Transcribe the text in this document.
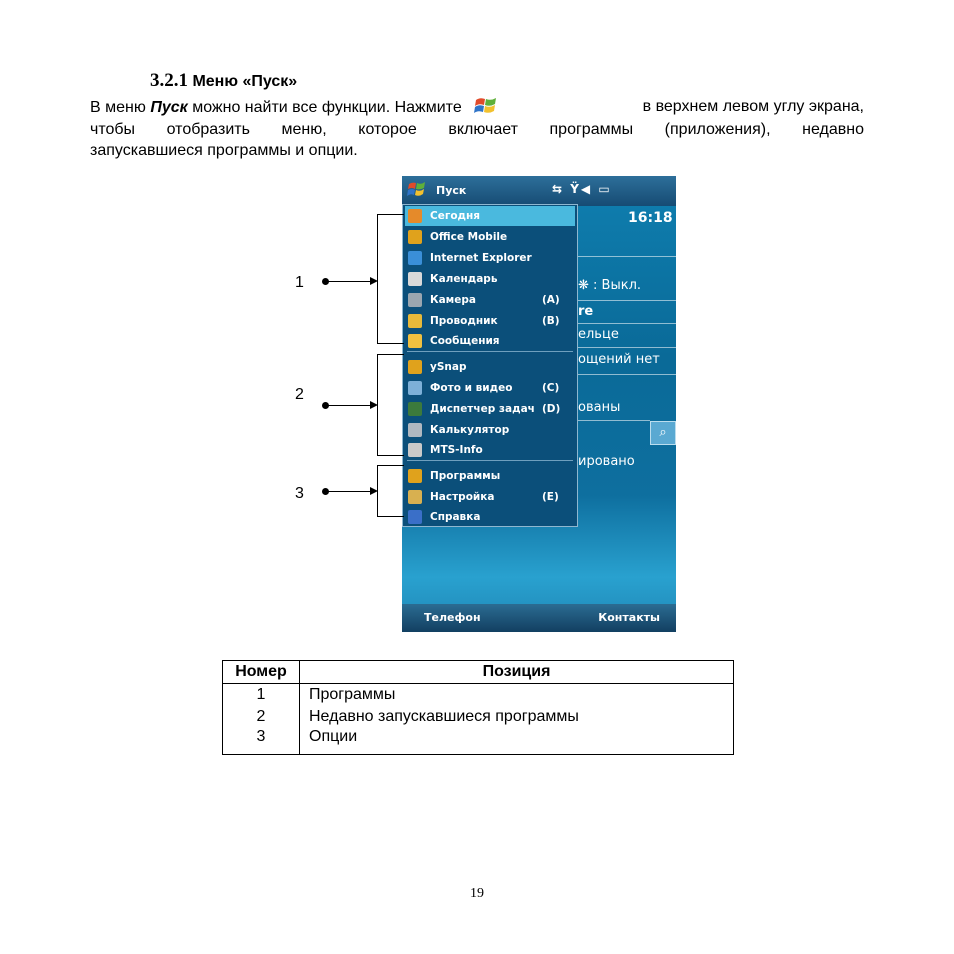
3.2.1 Меню «Пуск»
В меню Пуск можно найти все функции. Нажмите	в верхнем левом углу экрана,
чтобы отобразить меню, которое включает программы (приложения), недавно
запускавшиеся программы и опции.
Пуск	⇆ Ÿ◀ ▭
16:18
❋ : Выкл.
re
ельце
ощений нет
ованы
⌕
ировано
Сегодня
Office Mobile
Internet Explorer
Календарь
Камера	(A)
Проводник	(B)
Сообщения
ySnap
Фото и видео	(C)
Диспетчер задач (D)
Калькулятор
MTS-Info
Программы
Настройка	(E)
Справка
Телефон	Контакты
1
2
3
Номер	Позиция
1	Программы
2	Недавно запускавшиеся программы
3	Опции
19
